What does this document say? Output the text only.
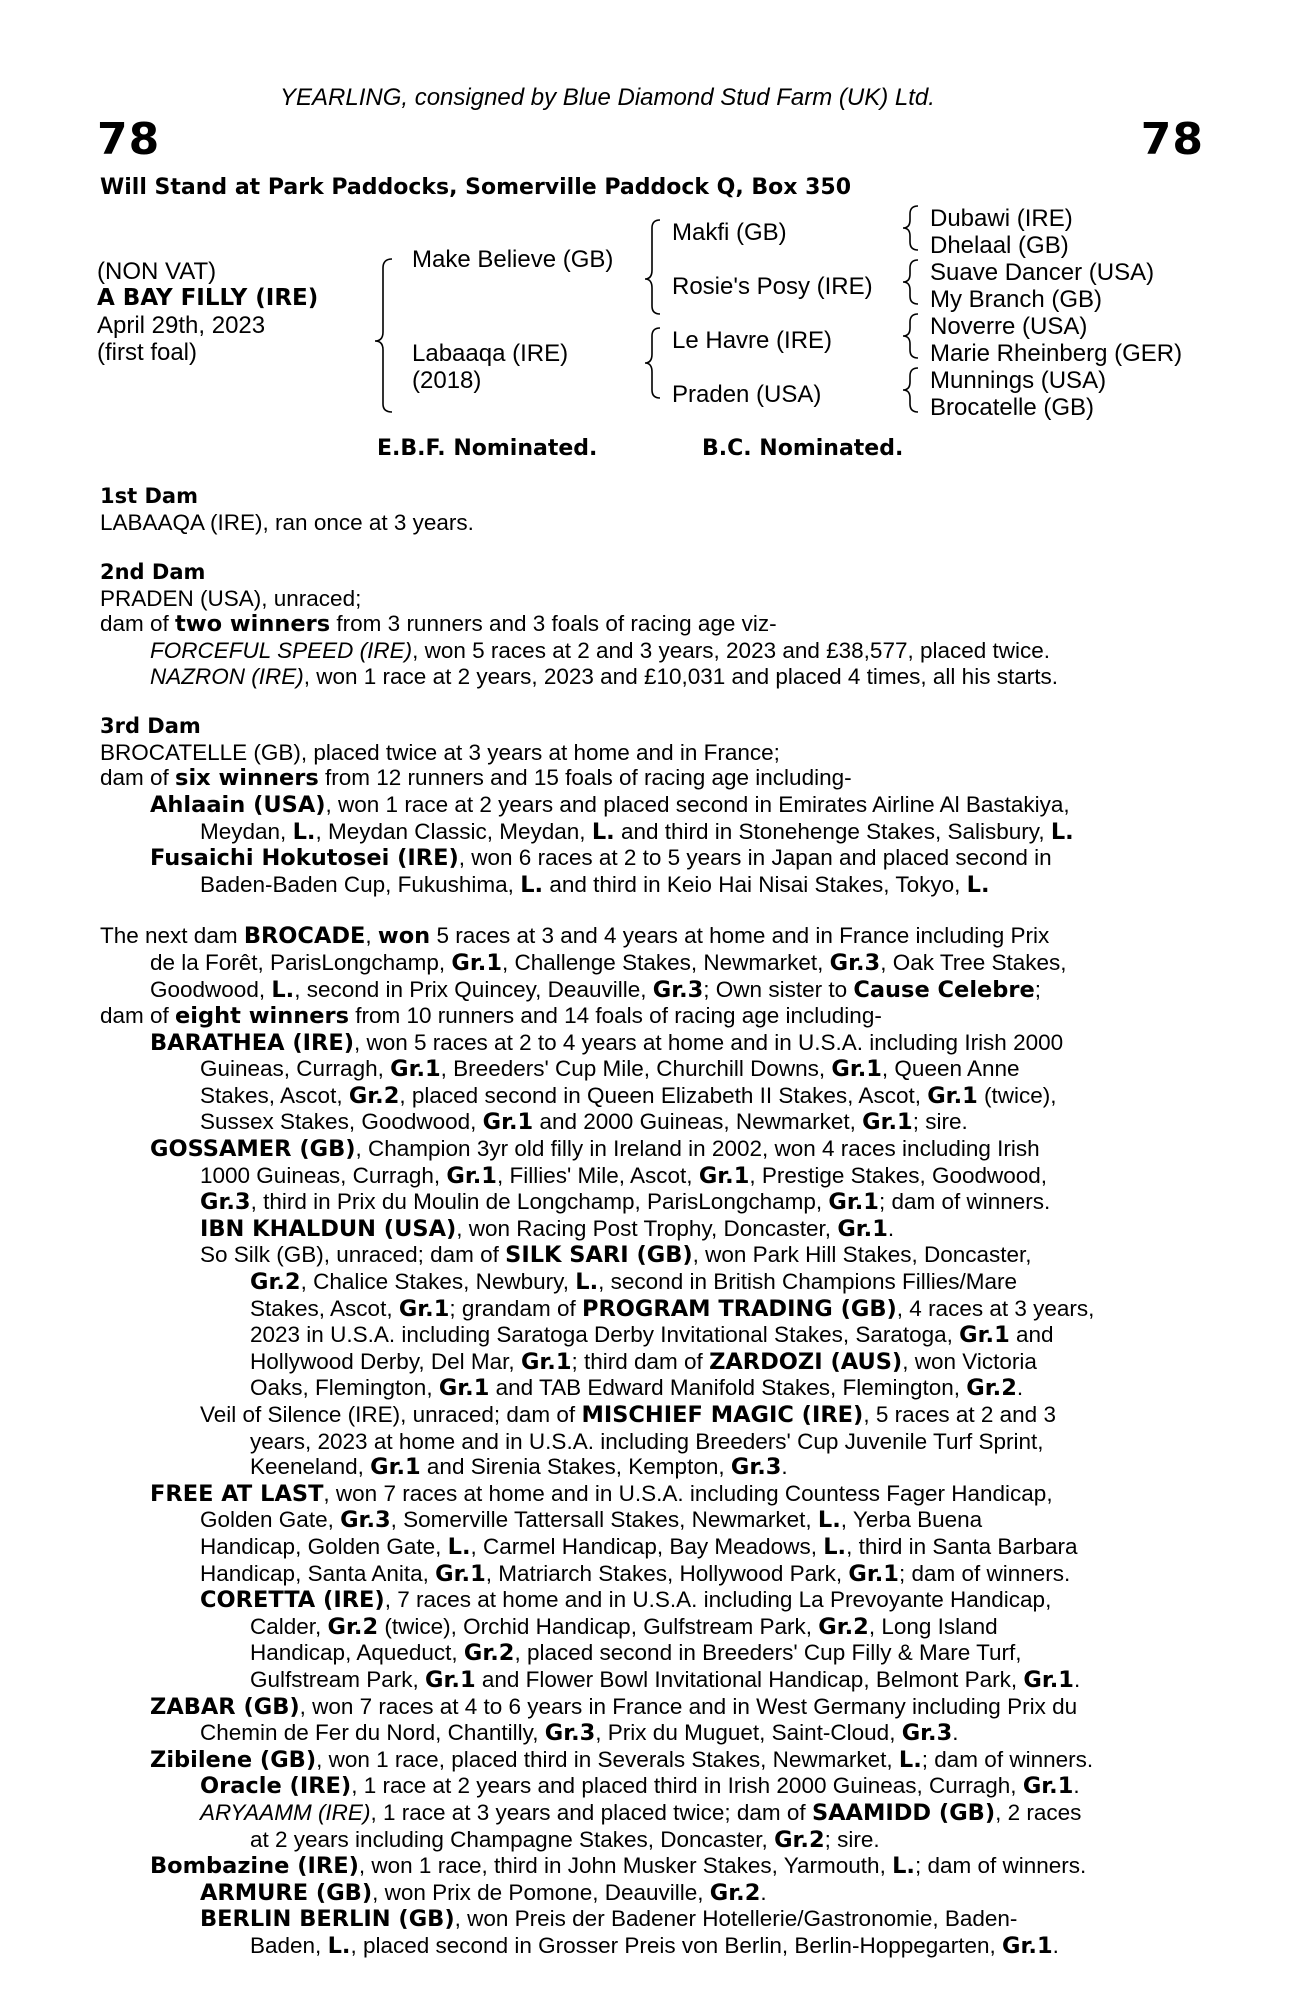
YEARLING, consigned by Blue Diamond Stud Farm (UK) Ltd.
78	78
Will Stand at Park Paddocks, Somerville Paddock Q, Box 350
(NON VAT)
A BAY FILLY (IRE)
April 29th, 2023
(first foal)
Make Believe (GB)
Labaaqa (IRE)
(2018)
Makfi (GB)
Rosie's Posy (IRE)
Le Havre (IRE)
Praden (USA)
Dubawi (IRE)
Dhelaal (GB)
Suave Dancer (USA)
My Branch (GB)
Noverre (USA)
Marie Rheinberg (GER)
Munnings (USA)
Brocatelle (GB)
E.B.F. Nominated.	B.C. Nominated.
1st Dam
LABAAQA (IRE), ran once at 3 years.
2nd Dam
PRADEN (USA), unraced;
dam of two winners from 3 runners and 3 foals of racing age viz-
FORCEFUL SPEED (IRE), won 5 races at 2 and 3 years, 2023 and £38,577, placed twice.
NAZRON (IRE), won 1 race at 2 years, 2023 and £10,031 and placed 4 times, all his starts.
3rd Dam
BROCATELLE (GB), placed twice at 3 years at home and in France;
dam of six winners from 12 runners and 15 foals of racing age including-
Ahlaain (USA), won 1 race at 2 years and placed second in Emirates Airline Al Bastakiya,
Meydan, L., Meydan Classic, Meydan, L. and third in Stonehenge Stakes, Salisbury, L.
Fusaichi Hokutosei (IRE), won 6 races at 2 to 5 years in Japan and placed second in
Baden-Baden Cup, Fukushima, L. and third in Keio Hai Nisai Stakes, Tokyo, L.
The next dam BROCADE, won 5 races at 3 and 4 years at home and in France including Prix
de la Forêt, ParisLongchamp, Gr.1, Challenge Stakes, Newmarket, Gr.3, Oak Tree Stakes,
Goodwood, L., second in Prix Quincey, Deauville, Gr.3; Own sister to Cause Celebre;
dam of eight winners from 10 runners and 14 foals of racing age including-
BARATHEA (IRE), won 5 races at 2 to 4 years at home and in U.S.A. including Irish 2000
Guineas, Curragh, Gr.1, Breeders' Cup Mile, Churchill Downs, Gr.1, Queen Anne
Stakes, Ascot, Gr.2, placed second in Queen Elizabeth II Stakes, Ascot, Gr.1 (twice),
Sussex Stakes, Goodwood, Gr.1 and 2000 Guineas, Newmarket, Gr.1; sire.
GOSSAMER (GB), Champion 3yr old filly in Ireland in 2002, won 4 races including Irish
1000 Guineas, Curragh, Gr.1, Fillies' Mile, Ascot, Gr.1, Prestige Stakes, Goodwood,
Gr.3, third in Prix du Moulin de Longchamp, ParisLongchamp, Gr.1; dam of winners.
IBN KHALDUN (USA), won Racing Post Trophy, Doncaster, Gr.1.
So Silk (GB), unraced; dam of SILK SARI (GB), won Park Hill Stakes, Doncaster,
Gr.2, Chalice Stakes, Newbury, L., second in British Champions Fillies/Mare
Stakes, Ascot, Gr.1; grandam of PROGRAM TRADING (GB), 4 races at 3 years,
2023 in U.S.A. including Saratoga Derby Invitational Stakes, Saratoga, Gr.1 and
Hollywood Derby, Del Mar, Gr.1; third dam of ZARDOZI (AUS), won Victoria
Oaks, Flemington, Gr.1 and TAB Edward Manifold Stakes, Flemington, Gr.2.
Veil of Silence (IRE), unraced; dam of MISCHIEF MAGIC (IRE), 5 races at 2 and 3
years, 2023 at home and in U.S.A. including Breeders' Cup Juvenile Turf Sprint,
Keeneland, Gr.1 and Sirenia Stakes, Kempton, Gr.3.
FREE AT LAST, won 7 races at home and in U.S.A. including Countess Fager Handicap,
Golden Gate, Gr.3, Somerville Tattersall Stakes, Newmarket, L., Yerba Buena
Handicap, Golden Gate, L., Carmel Handicap, Bay Meadows, L., third in Santa Barbara
Handicap, Santa Anita, Gr.1, Matriarch Stakes, Hollywood Park, Gr.1; dam of winners.
CORETTA (IRE), 7 races at home and in U.S.A. including La Prevoyante Handicap,
Calder, Gr.2 (twice), Orchid Handicap, Gulfstream Park, Gr.2, Long Island
Handicap, Aqueduct, Gr.2, placed second in Breeders' Cup Filly & Mare Turf,
Gulfstream Park, Gr.1 and Flower Bowl Invitational Handicap, Belmont Park, Gr.1.
ZABAR (GB), won 7 races at 4 to 6 years in France and in West Germany including Prix du
Chemin de Fer du Nord, Chantilly, Gr.3, Prix du Muguet, Saint-Cloud, Gr.3.
Zibilene (GB), won 1 race, placed third in Severals Stakes, Newmarket, L.; dam of winners.
Oracle (IRE), 1 race at 2 years and placed third in Irish 2000 Guineas, Curragh, Gr.1.
ARYAAMM (IRE), 1 race at 3 years and placed twice; dam of SAAMIDD (GB), 2 races
at 2 years including Champagne Stakes, Doncaster, Gr.2; sire.
Bombazine (IRE), won 1 race, third in John Musker Stakes, Yarmouth, L.; dam of winners.
ARMURE (GB), won Prix de Pomone, Deauville, Gr.2.
BERLIN BERLIN (GB), won Preis der Badener Hotellerie/Gastronomie, Baden-
Baden, L., placed second in Grosser Preis von Berlin, Berlin-Hoppegarten, Gr.1.
